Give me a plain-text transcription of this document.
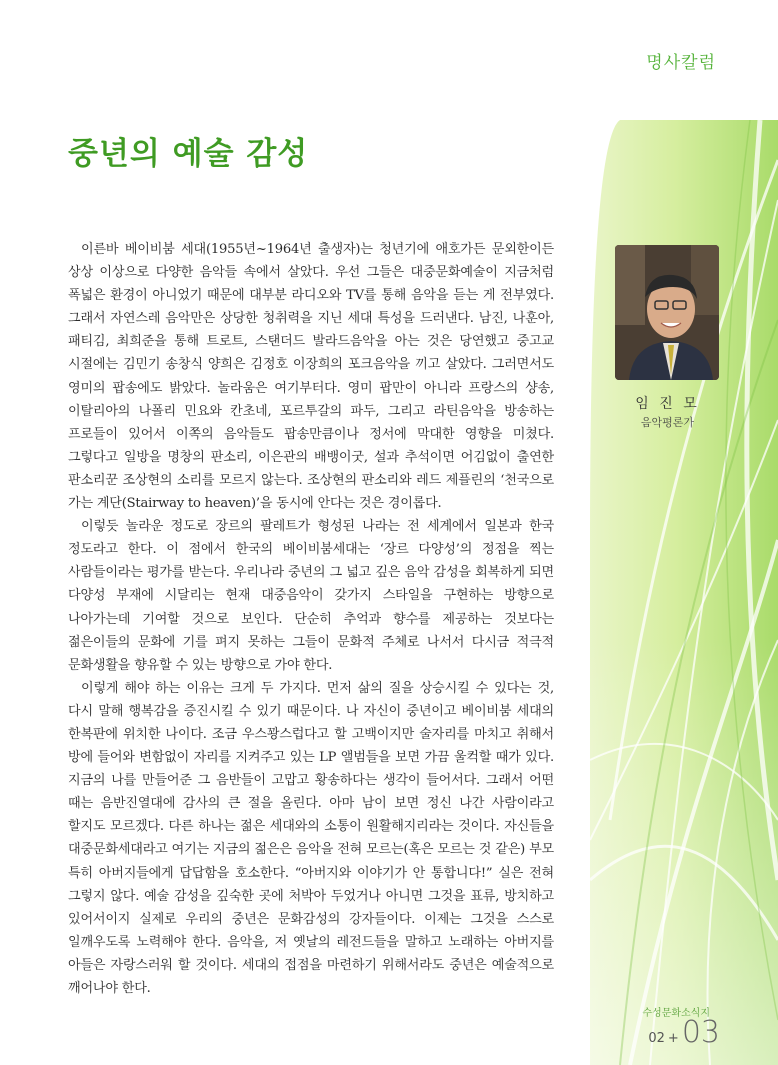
명사칼럼
중년의 예술 감성
임 진 모
음악평론가

이른바 베이비붐 세대(1955년~1964년 출생자)는 청년기에 애호가든 문외한이든 상상 이상으로 다양한 음악들 속에서 살았다. 우선 그들은 대중문화예술이 지금처럼 폭넓은 환경이 아니었기 때문에 대부분 라디오와 TV를 통해 음악을 듣는 게 전부였다. 그래서 자연스레 음악만은 상당한 청취력을 지닌 세대 특성을 드러낸다. 남진, 나훈아, 패티김, 최희준을 통해 트로트, 스탠더드 발라드음악을 아는 것은 당연했고 중고교 시절에는 김민기 송창식 양희은 김정호 이장희의 포크음악을 끼고 살았다. 그러면서도 영미의 팝송에도 밝았다. 놀라움은 여기부터다. 영미 팝만이 아니라 프랑스의 샹송, 이탈리아의 나폴리 민요와 칸초네, 포르투갈의 파두, 그리고 라틴음악을 방송하는 프로들이 있어서 이쪽의 음악들도 팝송만큼이나 정서에 막대한 영향을 미쳤다. 그렇다고 일방을 명창의 판소리, 이은관의 배뱅이굿, 설과 추석이면 어김없이 출연한 판소리꾼 조상현의 소리를 모르지 않는다. 조상현의 판소리와 레드 제플린의 ‘천국으로 가는 계단(Stairway to heaven)’을 동시에 안다는 것은 경이롭다.

이렇듯 놀라운 정도로 장르의 팔레트가 형성된 나라는 전 세계에서 일본과 한국 정도라고 한다. 이 점에서 한국의 베이비붐세대는 ‘장르 다양성’의 정점을 찍는 사람들이라는 평가를 받는다. 우리나라 중년의 그 넓고 깊은 음악 감성을 회복하게 되면 다양성 부재에 시달리는 현재 대중음악이 갖가지 스타일을 구현하는 방향으로 나아가는데 기여할 것으로 보인다. 단순히 추억과 향수를 제공하는 것보다는 젊은이들의 문화에 기를 펴지 못하는 그들이 문화적 주체로 나서서 다시금 적극적 문화생활을 향유할 수 있는 방향으로 가야 한다.

이렇게 해야 하는 이유는 크게 두 가지다. 먼저 삶의 질을 상승시킬 수 있다는 것, 다시 말해 행복감을 증진시킬 수 있기 때문이다. 나 자신이 중년이고 베이비붐 세대의 한복판에 위치한 나이다. 조금 우스꽝스럽다고 할 고백이지만 술자리를 마치고 취해서 방에 들어와 변함없이 자리를 지켜주고 있는 LP 앨범들을 보면 가끔 울컥할 때가 있다. 지금의 나를 만들어준 그 음반들이 고맙고 황송하다는 생각이 들어서다. 그래서 어떤 때는 음반진열대에 감사의 큰 절을 올린다. 아마 남이 보면 정신 나간 사람이라고 할지도 모르겠다. 다른 하나는 젊은 세대와의 소통이 원활해지리라는 것이다. 자신들을 대중문화세대라고 여기는 지금의 젊은은 음악을 전혀 모르는(혹은 모르는 것 같은) 부모 특히 아버지들에게 답답함을 호소한다. “아버지와 이야기가 안 통합니다!” 실은 전혀 그렇지 않다. 예술 감성을 깊숙한 곳에 처박아 두었거나 아니면 그것을 표류, 방치하고 있어서이지 실제로 우리의 중년은 문화감성의 강자들이다. 이제는 그것을 스스로 일깨우도록 노력해야 한다. 음악을, 저 옛날의 레전드들을 말하고 노래하는 아버지를 아들은 자랑스러워 할 것이다. 세대의 접점을 마련하기 위해서라도 중년은 예술적으로 깨어나야 한다.

수성문화소식지
02 + 03
